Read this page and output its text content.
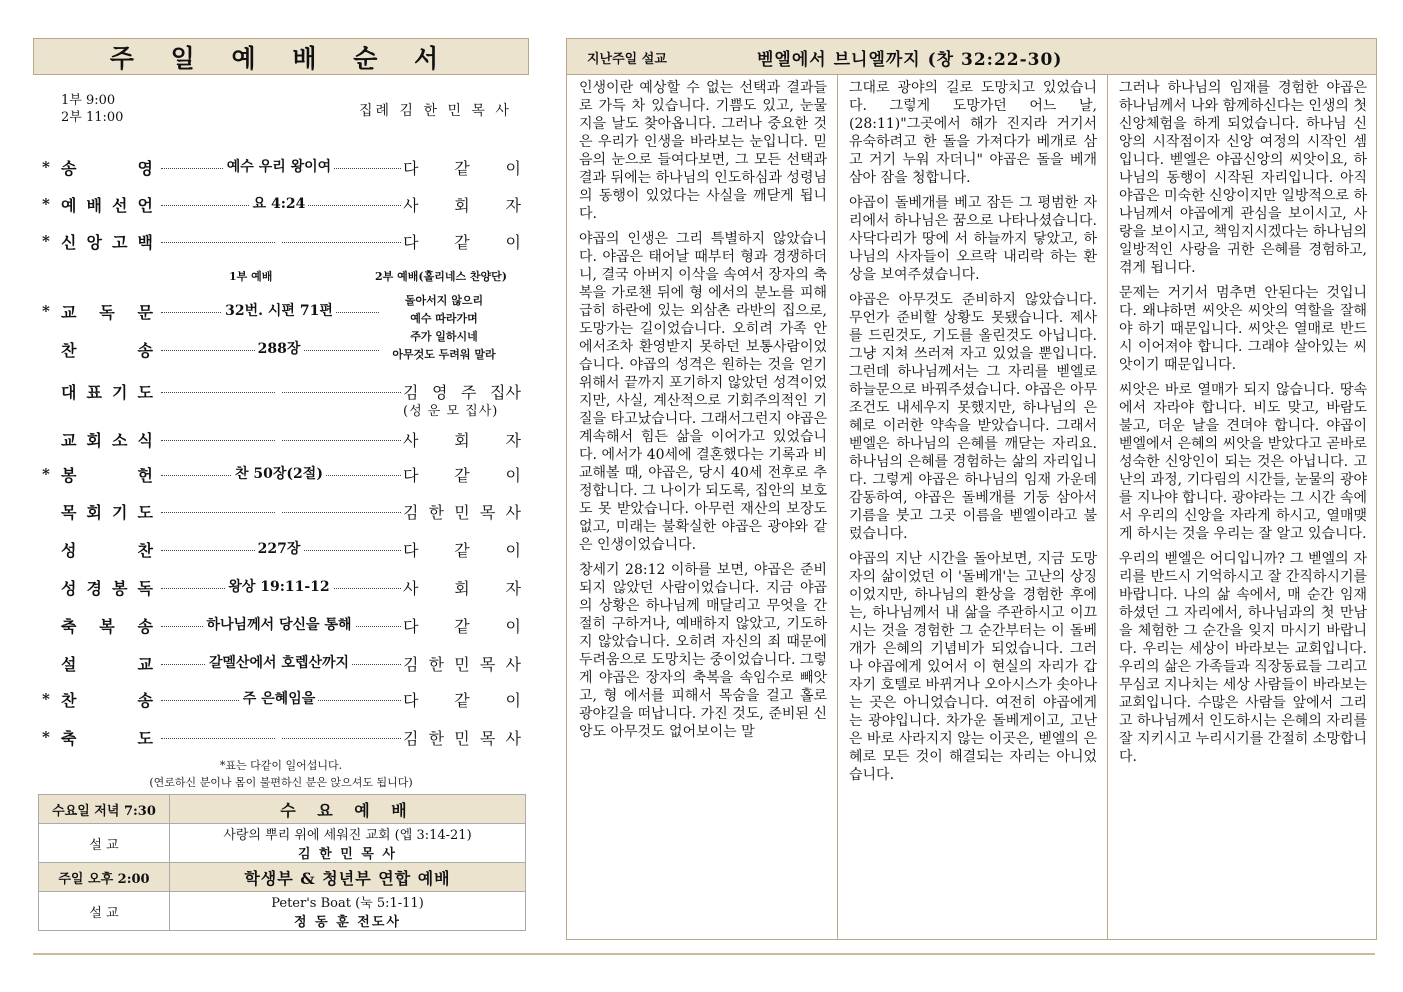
주 일 예 배 순 서
1부 9:00
2부 11:00	집례 김 한 민 목 사
* 송	영	예수 우리 왕이여	다 같 이
* 예 배 선 언	요 4:24	사 회 자
* 신 앙 고 백	다 같 이
* 교 독 문	32번. 시편 71편
찬	송	288장
대 표 기 도	김 영 주 집사
교 회 소 식	사 회 자
* 봉	헌	찬 50장(2절)	다 같 이
목 회 기 도	김 한 민 목 사
성	찬	227장	다 같 이
성 경 봉 독	왕상 19:11-12	사 회 자
축 복 송	하나님께서 당신을 통해	다 같 이
설	교	갈멜산에서 호렙산까지	김 한 민 목 사
* 찬	송	주 은혜임을	다 같 이
* 축	도	김 한 민 목 사
1부 예배	2부 예배(홀리네스 찬양단)
돌아서지 않으리
예수 따라가며
주가 일하시네
아무것도 두려워 말라
(성 운 모 집사)
*표는 다같이 일어섭니다.
(연로하신 분이나 몸이 불편하신 분은 앉으셔도 됩니다)
수요일 저녁 7:30	수 요 예 배
설 교	사랑의 뿌리 위에 세워진 교회 (엡 3:14-21)
김 한 민 목 사

주일 오후 2:00	학생부 & 청년부 연합 예배
설 교	Peter's Boat (눅 5:1-11)
정 동 훈 전도사
지난주일 설교	벧엘에서 브니엘까지 (창 32:22-30)

인생이란 예상할 수 없는 선택과 결과들로 가득 차 있습니다. 기쁨도 있고, 눈물지을 날도 찾아옵니다. 그러나 중요한 것은 우리가 인생을 바라보는 눈입니다. 믿음의 눈으로 들여다보면, 그 모든 선택과 결과 뒤에는 하나님의 인도하심과 성령님의 동행이 있었다는 사실을 깨닫게 됩니다.

야곱의 인생은 그리 특별하지 않았습니다. 야곱은 태어날 때부터 형과 경쟁하더니, 결국 아버지 이삭을 속여서 장자의 축복을 가로챈 뒤에 형 에서의 분노를 피해 급히 하란에 있는 외삼촌 라반의 집으로, 도망가는 길이었습니다. 오히려 가족 안에서조차 환영받지 못하던 보통사람이었습니다. 야곱의 성격은 원하는 것을 얻기 위해서 끝까지 포기하지 않았던 성격이었지만, 사실, 계산적으로 기회주의적인 기질을 타고났습니다. 그래서그런지 야곱은 계속해서 힘든 삶을 이어가고 있었습니다. 에서가 40세에 결혼했다는 기록과 비교해볼 때, 야곱은, 당시 40세 전후로 추정합니다. 그 나이가 되도록, 집안의 보호도 못 받았습니다. 아무런 재산의 보장도 없고, 미래는 불확실한 야곱은 광야와 같은 인생이었습니다.

창세기 28:12 이하를 보면, 야곱은 준비되지 않았던 사람이었습니다. 지금 야곱의 상황은 하나님께 매달리고 무엇을 간절히 구하거나, 예배하지 않았고, 기도하지 않았습니다. 오히려 자신의 죄 때문에 두려움으로 도망치는 중이었습니다. 그렇게 야곱은 장자의 축복을 속임수로 빼앗고, 형 에서를 피해서 목숨을 걸고 홀로 광야길을 떠납니다. 가진 것도, 준비된 신앙도 아무것도 없어보이는 말

그대로 광야의 길로 도망치고 있었습니다. 그렇게 도망가던 어느 날, (28:11)"그곳에서 해가 진지라 거기서 유숙하려고 한 돌을 가져다가 베개로 삼고 거기 누워 자더니" 야곱은 돌을 베개 삼아 잠을 청합니다.

야곱이 돌베개를 베고 잠든 그 평범한 자리에서 하나님은 꿈으로 나타나셨습니다. 사닥다리가 땅에 서 하늘까지 닿았고, 하나님의 사자들이 오르락 내리락 하는 환상을 보여주셨습니다.

야곱은 아무것도 준비하지 않았습니다. 무언가 준비할 상황도 못됐습니다. 제사를 드린것도, 기도를 올린것도 아닙니다. 그냥 지쳐 쓰러져 자고 있었을 뿐입니다. 그런데 하나님께서는 그 자리를 벧엘로 하늘문으로 바꿔주셨습니다. 야곱은 아무 조건도 내세우지 못했지만, 하나님의 은혜로 이러한 약속을 받았습니다. 그래서 벧엘은 하나님의 은혜를 깨닫는 자리요. 하나님의 은혜를 경험하는 삶의 자리입니다. 그렇게 야곱은 하나님의 임재 가운데 감동하여, 야곱은 돌베개를 기둥 삼아서 기름을 붓고 그곳 이름을 벧엘이라고 불렀습니다.

야곱의 지난 시간을 돌아보면, 지금 도망자의 삶이었던 이 '돌베개'는 고난의 상징이었지만, 하나님의 환상을 경험한 후에는, 하나님께서 내 삶을 주관하시고 이끄시는 것을 경험한 그 순간부터는 이 돌베개가 은혜의 기념비가 되었습니다. 그러나 야곱에게 있어서 이 현실의 자리가 갑자기 호텔로 바뀌거나 오아시스가 솟아나는 곳은 아니었습니다. 여전히 야곱에게는 광야입니다. 차가운 돌베게이고, 고난은 바로 사라지지 않는 이곳은, 벧엘의 은혜로 모든 것이 해결되는 자리는 아니었습니다.

그러나 하나님의 임재를 경험한 야곱은 하나님께서 나와 함께하신다는 인생의 첫 신앙체험을 하게 되었습니다. 하나님 신앙의 시작점이자 신앙 여정의 시작인 셈입니다. 벧엘은 야곱신앙의 씨앗이요, 하나님의 동행이 시작된 자리입니다. 아직 야곱은 미숙한 신앙이지만 일방적으로 하나님께서 야곱에게 관심을 보이시고, 사랑을 보이시고, 책임지시겠다는 하나님의 일방적인 사랑을 귀한 은혜를 경험하고, 겪게 됩니다.

문제는 거기서 멈추면 안된다는 것입니다. 왜냐하면 씨앗은 씨앗의 역할을 잘해야 하기 때문입니다. 씨앗은 열매로 반드시 이어져야 합니다. 그래야 살아있는 씨앗이기 때문입니다.

씨앗은 바로 열매가 되지 않습니다. 땅속에서 자라야 합니다. 비도 맞고, 바람도 불고, 더운 날을 견뎌야 합니다. 야곱이 벧엘에서 은혜의 씨앗을 받았다고 곧바로 성숙한 신앙인이 되는 것은 아닙니다. 고난의 과정, 기다림의 시간들, 눈물의 광야를 지나야 합니다. 광야라는 그 시간 속에서 우리의 신앙을 자라게 하시고, 열매맺게 하시는 것을 우리는 잘 알고 있습니다.

우리의 벧엘은 어디입니까? 그 벧엘의 자리를 반드시 기억하시고 잘 간직하시기를 바랍니다. 나의 삶 속에서, 매 순간 임재하셨던 그 자리에서, 하나님과의 첫 만남을 체험한 그 순간을 잊지 마시기 바랍니다. 우리는 세상이 바라보는 교회입니다. 우리의 삶은 가족들과 직장동료들 그리고 무심코 지나치는 세상 사람들이 바라보는 교회입니다. 수많은 사람들 앞에서 그리고 하나님께서 인도하시는 은혜의 자리를 잘 지키시고 누리시기를 간절히 소망합니다.
